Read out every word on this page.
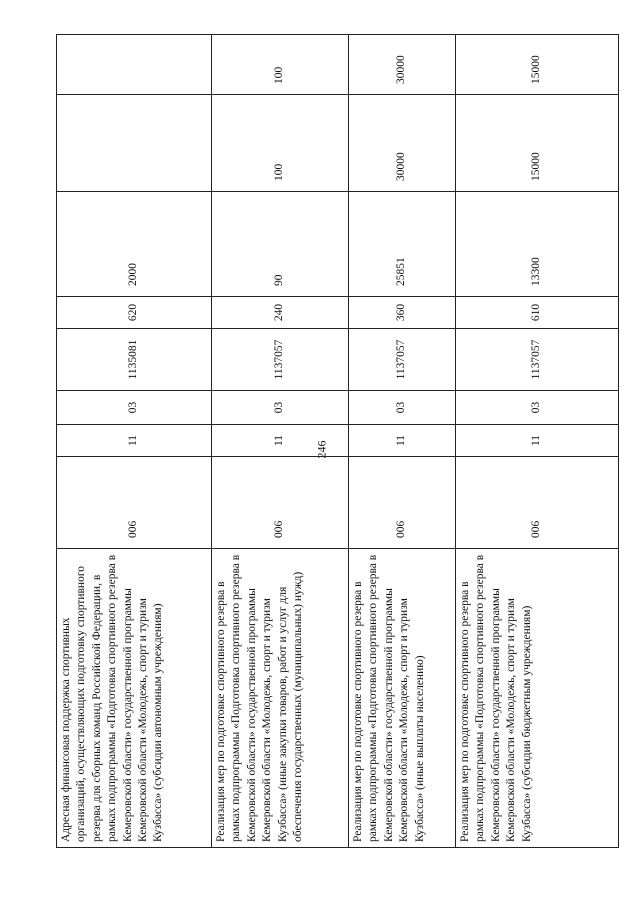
246
Адресная финансовая поддержка спортивных организаций, осуществляющих подготовку спортивного резерва для сборных команд Российской Федерации, в рамках подпрограммы «Подготовка спортивного резерва в Кемеровской области» государственной программы Кемеровской области «Молодежь, спорт и туризм Кузбасса» (субсидии автономным учреждениям)	006	11	03	1135081	620	2000		
Реализация мер по подготовке спортивного резерва в рамках подпрограммы «Подготовка спортивного резерва в Кемеровской области» государственной программы Кемеровской области «Молодежь, спорт и туризм Кузбасса» (иные закупки товаров, работ и услуг для обеспечения государственных (муниципальных) нужд)	006	11	03	1137057	240	90	100	100
Реализация мер по подготовке спортивного резерва в рамках подпрограммы «Подготовка спортивного резерва в Кемеровской области» государственной программы Кемеровской области «Молодежь, спорт и туризм Кузбасса» (иные выплаты населению)	006	11	03	1137057	360	25851	30000	30000
Реализация мер по подготовке спортивного резерва в рамках подпрограммы «Подготовка спортивного резерва в Кемеровской области» государственной программы Кемеровской области «Молодежь, спорт и туризм Кузбасса» (субсидии бюджетным учреждениям)	006	11	03	1137057	610	13300	15000	15000
